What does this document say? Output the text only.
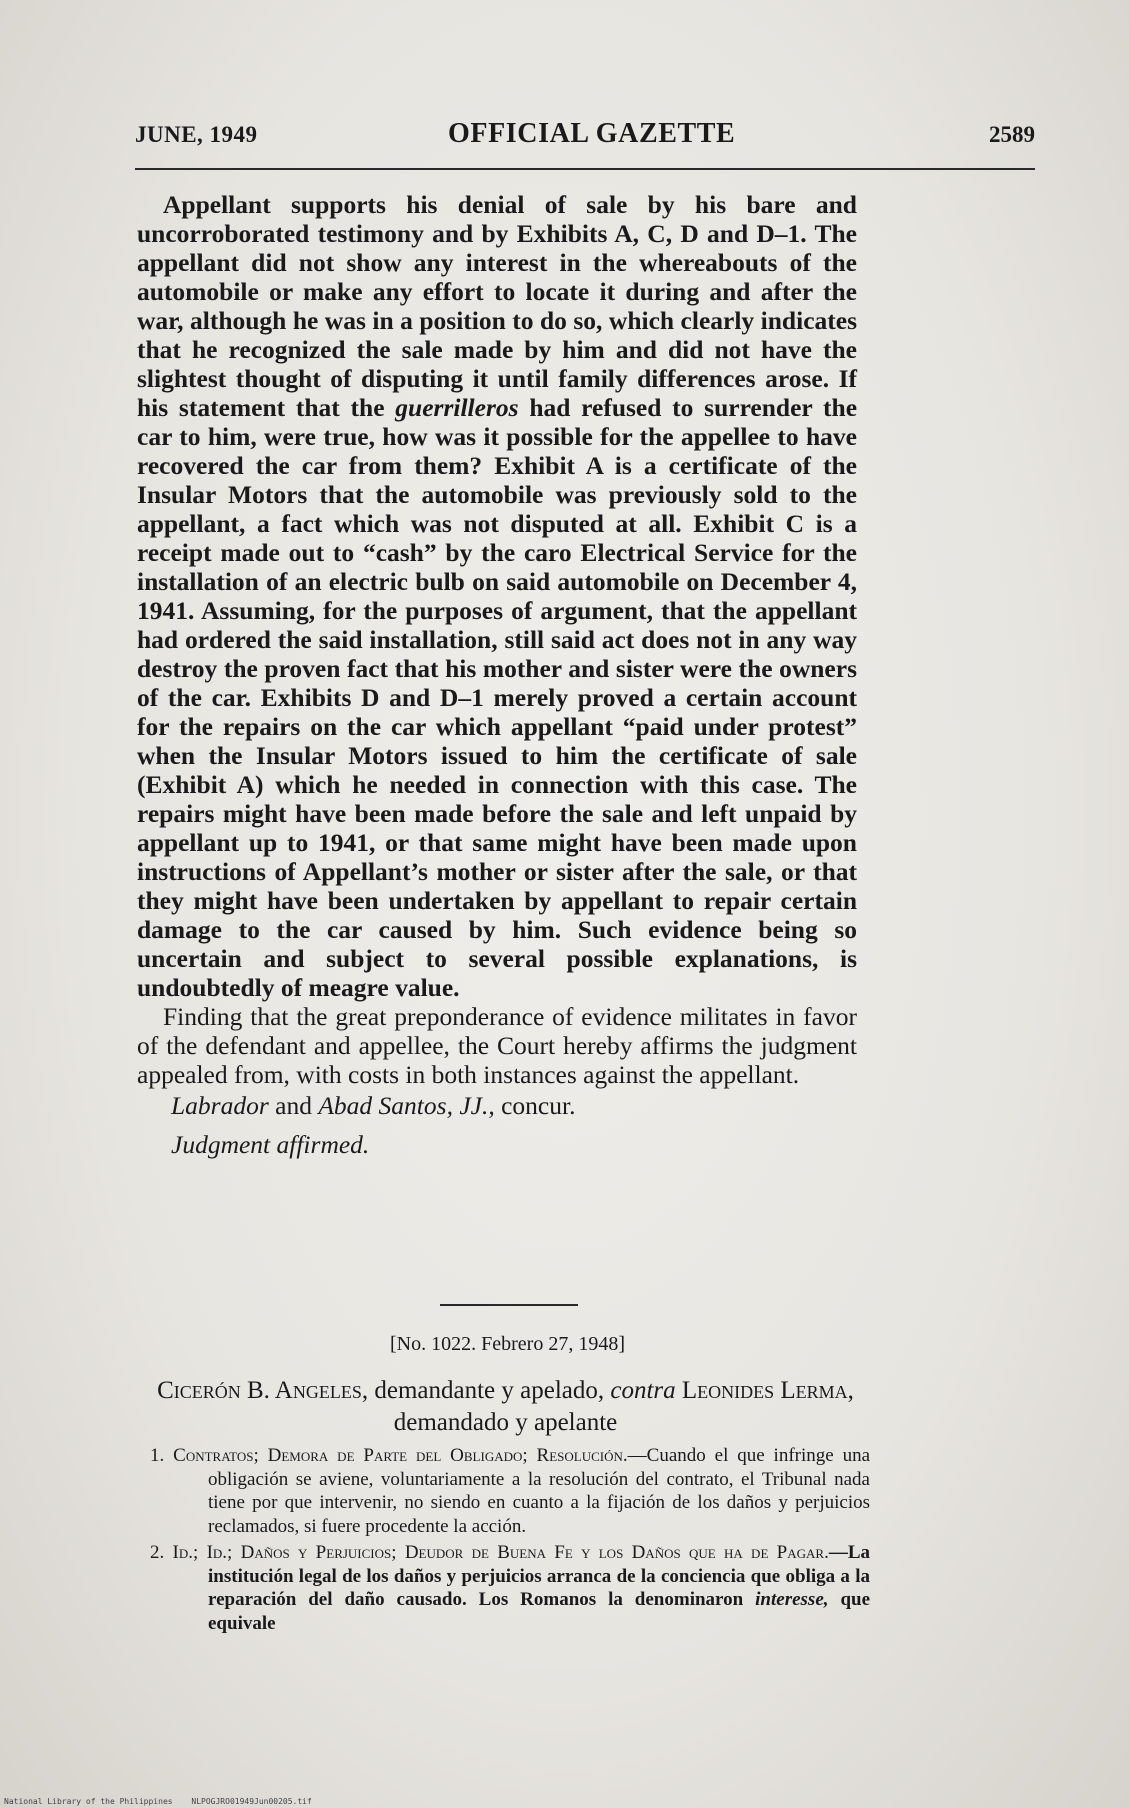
JUNE, 1949	OFFICIAL GAZETTE	2589

Appellant supports his denial of sale by his bare and uncorroborated testimony and by Exhibits A, C, D and D–1. The appellant did not show any interest in the whereabouts of the automobile or make any effort to locate it during and after the war, although he was in a position to do so, which clearly indicates that he recognized the sale made by him and did not have the slightest thought of disputing it until family differences arose. If his statement that the guerrilleros had refused to surrender the car to him, were true, how was it possible for the appellee to have recovered the car from them? Exhibit A is a certificate of the Insular Motors that the automobile was previously sold to the appellant, a fact which was not disputed at all. Exhibit C is a receipt made out to “cash” by the caro Electrical Service for the installation of an electric bulb on said automobile on December 4, 1941. Assuming, for the purposes of argument, that the appellant had ordered the said installation, still said act does not in any way destroy the proven fact that his mother and sister were the owners of the car. Exhibits D and D–1 merely proved a certain account for the repairs on the car which appellant “paid under protest” when the Insular Motors issued to him the certificate of sale (Exhibit A) which he needed in connection with this case. The repairs might have been made before the sale and left unpaid by appellant up to 1941, or that same might have been made upon instructions of Appellant’s mother or sister after the sale, or that they might have been undertaken by appellant to repair certain damage to the car caused by him. Such evidence being so uncertain and subject to several possible explanations, is undoubtedly of meagre value.

Finding that the great preponderance of evidence militates in favor of the defendant and appellee, the Court hereby affirms the judgment appealed from, with costs in both instances against the appellant.

Labrador and Abad Santos, JJ., concur.

Judgment affirmed.

[No. 1022. Febrero 27, 1948]
Cicerón B. Angeles, demandante y apelado, contra Leonides Lerma, demandado y apelante

1. Contratos; Demora de Parte del Obligado; Resolución.—Cuando el que infringe una obligación se aviene, voluntariamente a la resolución del contrato, el Tribunal nada tiene por que intervenir, no siendo en cuanto a la fijación de los daños y perjuicios reclamados, si fuere procedente la acción.

2. Id.; Id.; Daños y Perjuicios; Deudor de Buena Fe y los Daños que ha de Pagar.—La institución legal de los daños y perjuicios arranca de la conciencia que obliga a la reparación del daño causado. Los Romanos la denominaron interesse, que equivale

National Library of the Philippines NLPOGJRO01949Jun00205.tif
